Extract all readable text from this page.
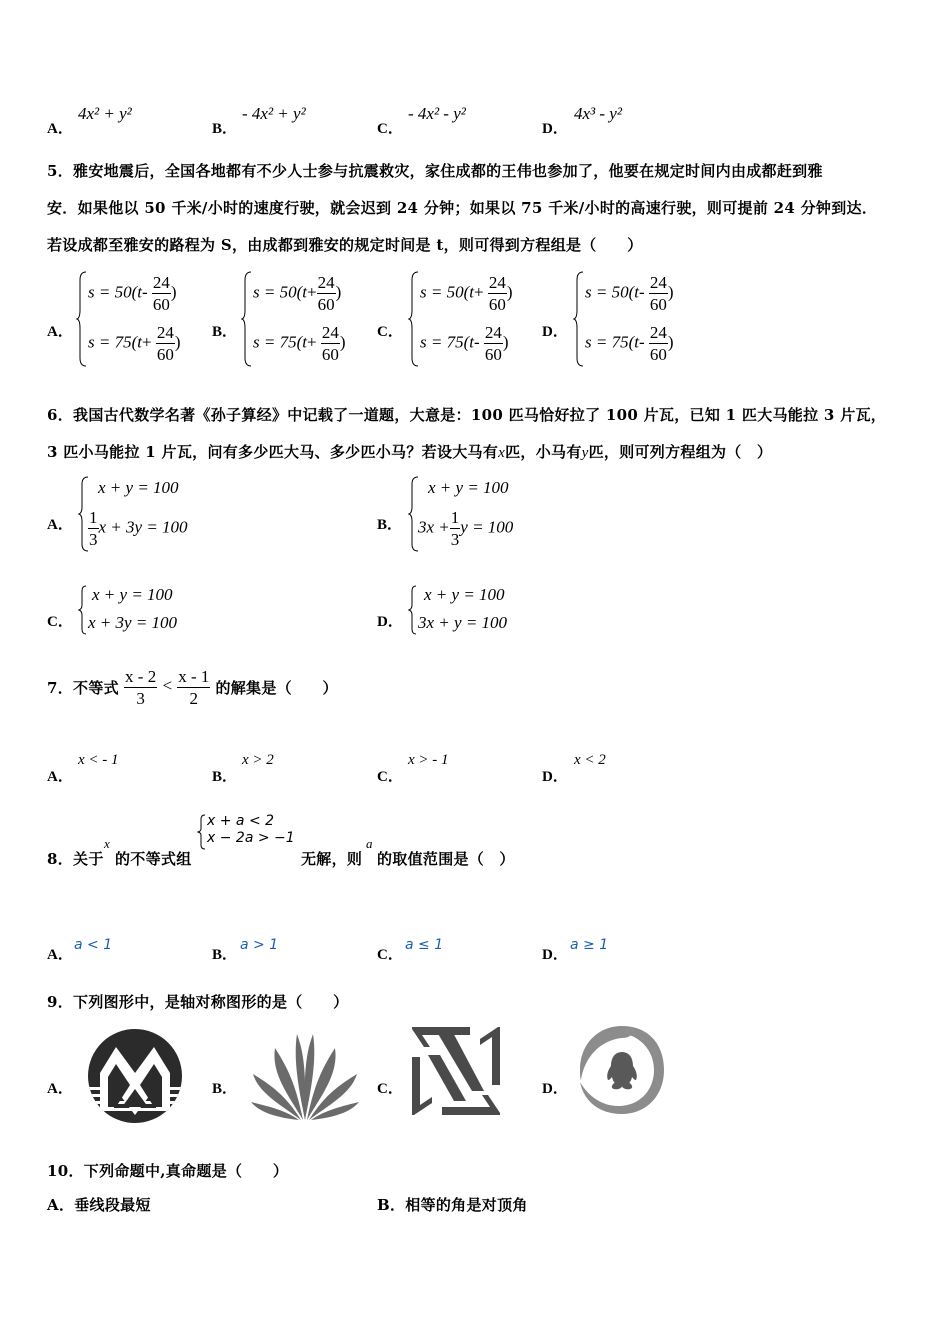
A．
4x² + y²
B．
- 4x² + y²
C．
- 4x² - y²
D．
4x³ - y²
5．雅安地震后，全国各地都有不少人士参与抗震救灾，家住成都的王伟也参加了，他要在规定时间内由成都赶到雅
安．如果他以 50 千米/小时的速度行驶，就会迟到 24 分钟；如果以 75 千米/小时的高速行驶，则可提前 24 分钟到达．
若设成都至雅安的路程为 S，由成都到雅安的规定时间是 t，则可得到方程组是（　　）
A．
$s = 50(t- \frac{24}{60}$ )
$s = 75(t+ \frac{24}{60}$ )
B．
$s = 50(t+ \frac{24}{60}$ )
$s = 75(t+ \frac{24}{60}$ )
C．
$s = 50(t+ \frac{24}{60}$ )
$s = 75(t- \frac{24}{60}$ )
D．
$s = 50(t- \frac{24}{60}$ )
$s = 75(t- \frac{24}{60}$ )
6．我国古代数学名著《孙子算经》中记载了一道题，大意是：100 匹马恰好拉了 100 片瓦，已知 1 匹大马能拉 3 片瓦，
3 匹小马能拉 1 片瓦，问有多少匹大马、多少匹小马？若设大马有x匹，小马有y匹，则可列方程组为（　）
A．
x + y = 100
$\frac{1}{3}$ x + 3y = 100	B．
x + y = 100
$3x + \frac{1}{3}$ y = 100
C．
x + y = 100
x + 3y = 100	D．
x + y = 100
3x + y = 100
7．不等式 $\frac{x - 2}{3} < \frac{x - 1}{2}$ 的解集是（　　）
A．
x < - 1
B．
x > 2
C．
x > - 1
D．
x < 2
8．关于
x
的不等式组
x + a < 2
x − 2a > −1
无解，则
a
的取值范围是（　）
A．
a < 1
B．
a > 1
C．
a ≤ 1
D．
a ≥ 1
9．下列图形中，是轴对称图形的是（　　）
A．	B．	C．	D．
10．下列命题中,真命题是（　　）
A．垂线段最短	B．相等的角是对顶角
